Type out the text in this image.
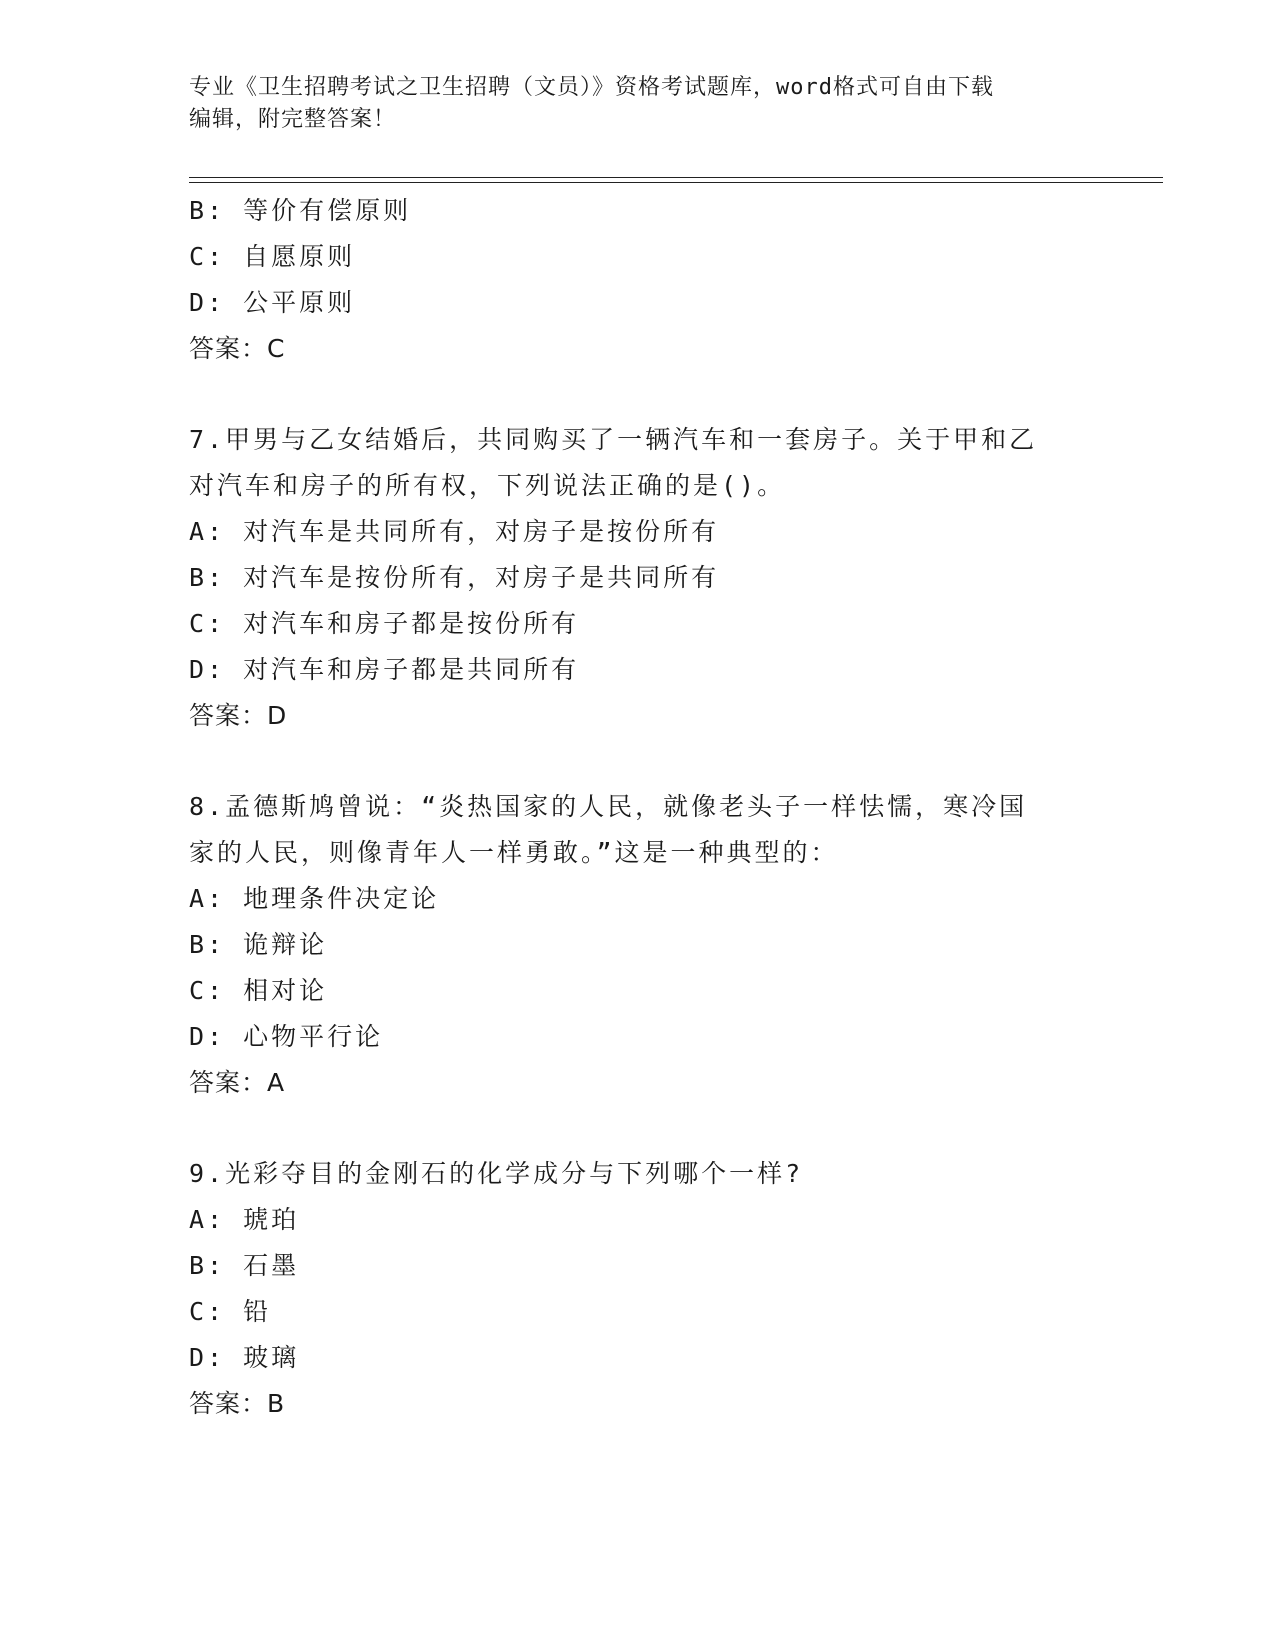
专业《卫生招聘考试之卫生招聘（文员）》资格考试题库，word格式可自由下载
编辑，附完整答案！
B: 等价有偿原则
C: 自愿原则
D: 公平原则
答案：C
7.甲男与乙女结婚后，共同购买了一辆汽车和一套房子。关于甲和乙
对汽车和房子的所有权，下列说法正确的是()。
A: 对汽车是共同所有，对房子是按份所有
B: 对汽车是按份所有，对房子是共同所有
C: 对汽车和房子都是按份所有
D: 对汽车和房子都是共同所有
答案：D
8.孟德斯鸠曾说：“炎热国家的人民，就像老头子一样怯懦，寒冷国
家的人民，则像青年人一样勇敢。”这是一种典型的：
A: 地理条件决定论
B: 诡辩论
C: 相对论
D: 心物平行论
答案：A
9.光彩夺目的金刚石的化学成分与下列哪个一样?
A: 琥珀
B: 石墨
C: 铅
D: 玻璃
答案：B
